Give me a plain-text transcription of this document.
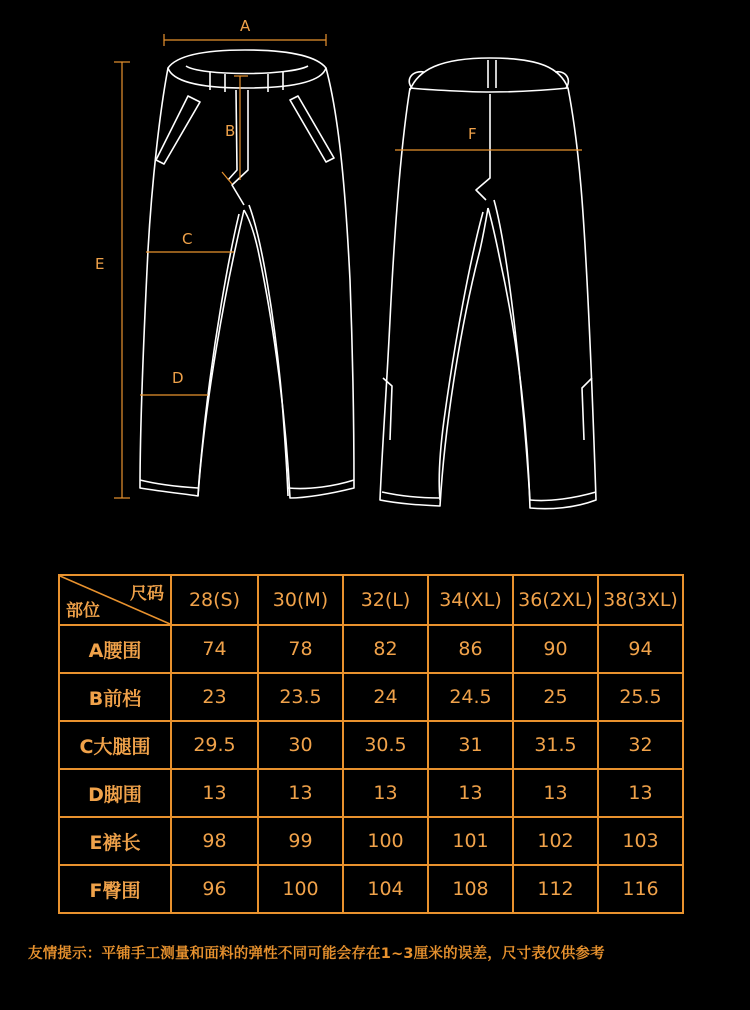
A
B
C
D
E
F
尺码
部位	28(S)	30(M)	32(L)	34(XL)	36(2XL)	38(3XL)
A腰围	74	78	82	86	90	94
B前档	23	23.5	24	24.5	25	25.5
C大腿围	29.5	30	30.5	31	31.5	32
D脚围	13	13	13	13	13	13
E裤长	98	99	100	101	102	103
F臀围	96	100	104	108	112	116
友情提示：平铺手工测量和面料的弹性不同可能会存在1~3厘米的误差，尺寸表仅供参考
